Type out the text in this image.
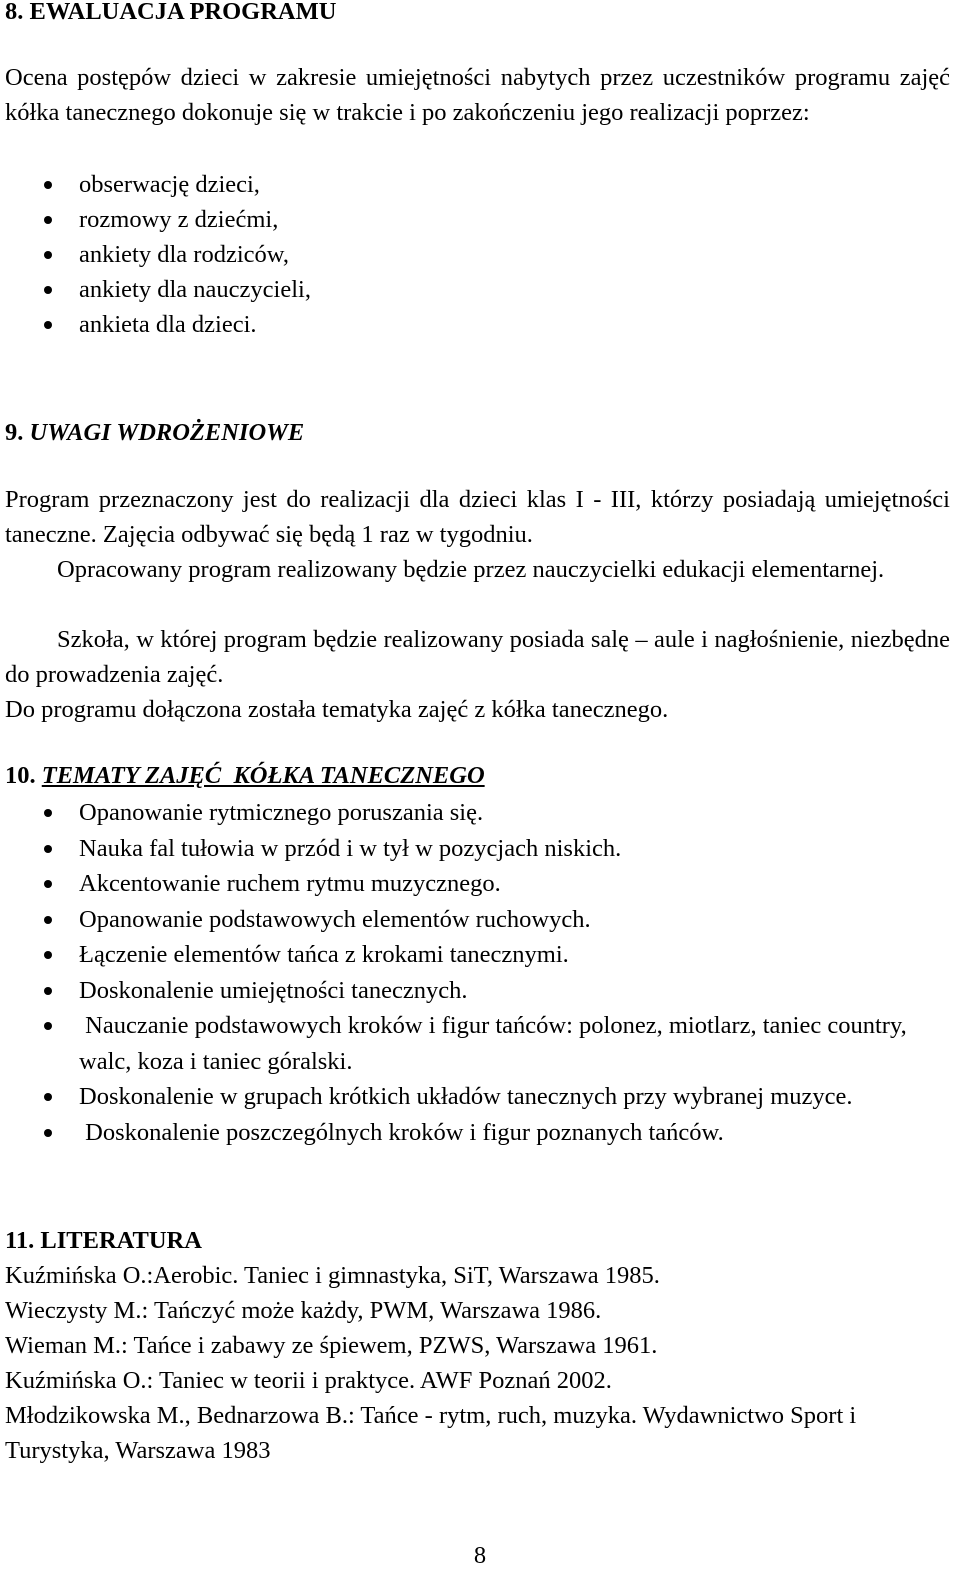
8. EWALUACJA PROGRAMU

Ocena postępów dzieci w zakresie umiejętności nabytych przez uczestników programu zajęć kółka tanecznego dokonuje się w trakcie i po zakończeniu jego realizacji poprzez:

obserwację dzieci,
rozmowy z dziećmi,
ankiety dla rodziców,
ankiety dla nauczycieli,
ankieta dla dzieci.
9. UWAGI WDROŻENIOWE

Program przeznaczony jest do realizacji dla dzieci klas I - III, którzy posiadają umiejętności taneczne. Zajęcia odbywać się będą 1 raz w tygodniu.

Opracowany program realizowany będzie przez nauczycielki edukacji elementarnej.

Szkoła, w której program będzie realizowany posiada salę – aule i nagłośnienie, niezbędne do prowadzenia zajęć.

Do programu dołączona została tematyka zajęć z kółka tanecznego.

10. TEMATY ZAJĘĆ  KÓŁKA TANECZNEGO
Opanowanie rytmicznego poruszania się.
Nauka fal tułowia w przód i w tył w pozycjach niskich.
Akcentowanie ruchem rytmu muzycznego.
Opanowanie podstawowych elementów ruchowych.
Łączenie elementów tańca z krokami tanecznymi.
Doskonalenie umiejętności tanecznych.
Nauczanie podstawowych kroków i figur tańców: polonez, miotlarz, taniec country, walc, koza i taniec góralski.
Doskonalenie w grupach krótkich układów tanecznych przy wybranej muzyce.
Doskonalenie poszczególnych kroków i figur poznanych tańców.
11. LITERATURA
Kuźmińska O.:Aerobic. Taniec i gimnastyka, SiT, Warszawa 1985.
Wieczysty M.: Tańczyć może każdy, PWM, Warszawa 1986.
Wieman M.: Tańce i zabawy ze śpiewem, PZWS, Warszawa 1961.
Kuźmińska O.: Taniec w teorii i praktyce. AWF Poznań 2002.
Młodzikowska M., Bednarzowa B.: Tańce - rytm, ruch, muzyka. Wydawnictwo Sport i Turystyka, Warszawa 1983
8
